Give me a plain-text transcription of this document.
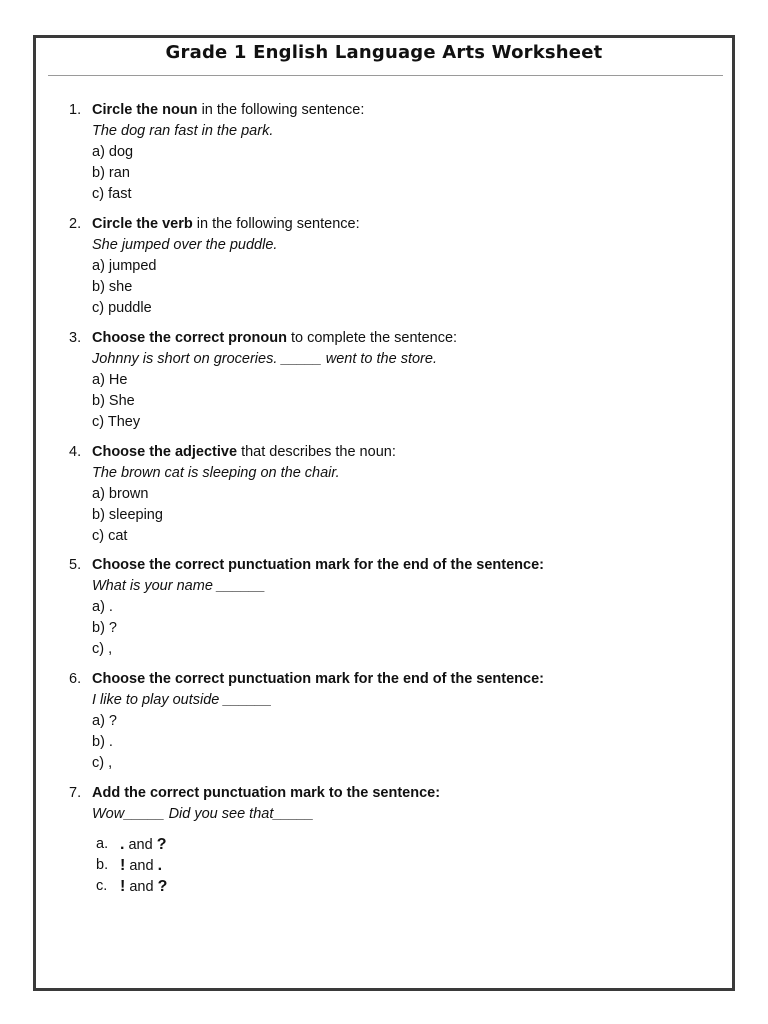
Grade 1 English Language Arts Worksheet
1. Circle the noun in the following sentence:
The dog ran fast in the park.
a) dog
b) ran
c) fast
2. Circle the verb in the following sentence:
She jumped over the puddle.
a) jumped
b) she
c) puddle
3. Choose the correct pronoun to complete the sentence:
Johnny is short on groceries. _____ went to the store.
a) He
b) She
c) They
4. Choose the adjective that describes the noun:
The brown cat is sleeping on the chair.
a) brown
b) sleeping
c) cat
5. Choose the correct punctuation mark for the end of the sentence:
What is your name ______
a) .
b) ?
c) ,
6. Choose the correct punctuation mark for the end of the sentence:
I like to play outside ______
a) ?
b) .
c) ,
7. Add the correct punctuation mark to the sentence:
Wow_____ Did you see that_____
a. . and ?
b. ! and .
c. ! and ?
